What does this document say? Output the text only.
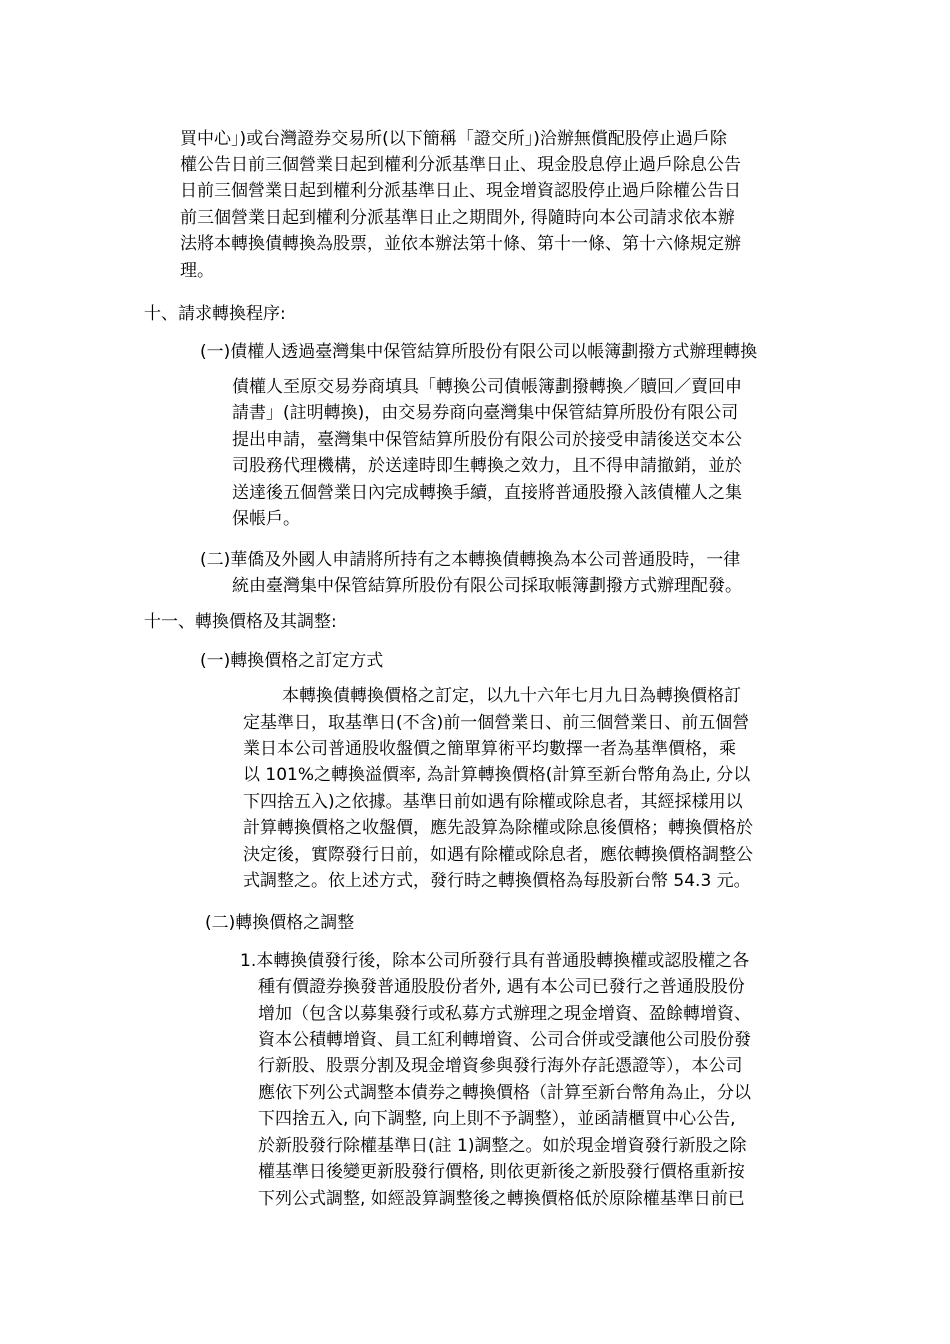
買中心」)或台灣證券交易所(以下簡稱「證交所」)洽辦無償配股停止過戶除
權公告日前三個營業日起到權利分派基準日止、現金股息停止過戶除息公告
日前三個營業日起到權利分派基準日止、現金增資認股停止過戶除權公告日
前三個營業日起到權利分派基準日止之期間外, 得隨時向本公司請求依本辦
法將本轉換債轉換為股票，並依本辦法第十條、第十一條、第十六條規定辦
理。
十、請求轉換程序:
(一)債權人透過臺灣集中保管結算所股份有限公司以帳簿劃撥方式辦理轉換
債權人至原交易券商填具「轉換公司債帳簿劃撥轉換／贖回／賣回申
請書」(註明轉換)，由交易券商向臺灣集中保管結算所股份有限公司
提出申請，臺灣集中保管結算所股份有限公司於接受申請後送交本公
司股務代理機構，於送達時即生轉換之效力，且不得申請撤銷，並於
送達後五個營業日內完成轉換手續，直接將普通股撥入該債權人之集
保帳戶。
(二)華僑及外國人申請將所持有之本轉換債轉換為本公司普通股時，一律
統由臺灣集中保管結算所股份有限公司採取帳簿劃撥方式辦理配發。
十一、轉換價格及其調整:
(一)轉換價格之訂定方式
本轉換債轉換價格之訂定，以九十六年七月九日為轉換價格訂
定基準日，取基準日(不含)前一個營業日、前三個營業日、前五個營
業日本公司普通股收盤價之簡單算術平均數擇一者為基準價格，乘
以 101%之轉換溢價率, 為計算轉換價格(計算至新台幣角為止, 分以
下四捨五入)之依據。基準日前如遇有除權或除息者，其經採樣用以
計算轉換價格之收盤價，應先設算為除權或除息後價格；轉換價格於
決定後，實際發行日前，如遇有除權或除息者，應依轉換價格調整公
式調整之。依上述方式，發行時之轉換價格為每股新台幣 54.3 元。
(二)轉換價格之調整
1.本轉換債發行後，除本公司所發行具有普通股轉換權或認股權之各
種有價證券換發普通股股份者外, 遇有本公司已發行之普通股股份
增加（包含以募集發行或私募方式辦理之現金增資、盈餘轉增資、
資本公積轉增資、員工紅利轉增資、公司合併或受讓他公司股份發
行新股、股票分割及現金增資參與發行海外存託憑證等），本公司
應依下列公式調整本債券之轉換價格（計算至新台幣角為止，分以
下四捨五入, 向下調整, 向上則不予調整），並函請櫃買中心公告,
於新股發行除權基準日(註 1)調整之。如於現金增資發行新股之除
權基準日後變更新股發行價格, 則依更新後之新股發行價格重新按
下列公式調整, 如經設算調整後之轉換價格低於原除權基準日前已
